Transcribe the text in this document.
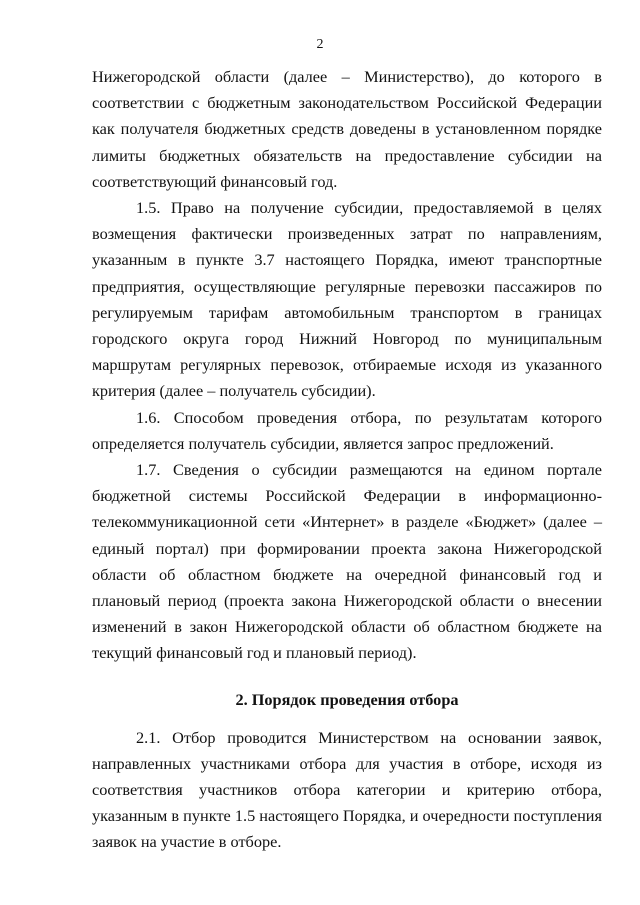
2

Нижегородской области (далее – Министерство), до которого в соответствии с бюджетным законодательством Российской Федерации как получателя бюджетных средств доведены в установленном порядке лимиты бюджетных обязательств на предоставление субсидии на соответствующий финансовый год.

1.5. Право на получение субсидии, предоставляемой в целях возмещения фактически произведенных затрат по направлениям, указанным в пункте 3.7 настоящего Порядка, имеют транспортные предприятия, осуществляющие регулярные перевозки пассажиров по регулируемым тарифам автомобильным транспортом в границах городского округа город Нижний Новгород по муниципальным маршрутам регулярных перевозок, отбираемые исходя из указанного критерия (далее – получатель субсидии).

1.6. Способом проведения отбора, по результатам которого определяется получатель субсидии, является запрос предложений.

1.7. Сведения о субсидии размещаются на едином портале бюджетной системы Российской Федерации в информационно-телекоммуникационной сети «Интернет» в разделе «Бюджет» (далее – единый портал) при формировании проекта закона Нижегородской области об областном бюджете на очередной финансовый год и плановый период (проекта закона Нижегородской области о внесении изменений в закон Нижегородской области об областном бюджете на текущий финансовый год и плановый период).

2. Порядок проведения отбора

2.1. Отбор проводится Министерством на основании заявок, направленных участниками отбора для участия в отборе, исходя из соответствия участников отбора категории и критерию отбора, указанным в пункте 1.5 настоящего Порядка, и очередности поступления заявок на участие в отборе.
